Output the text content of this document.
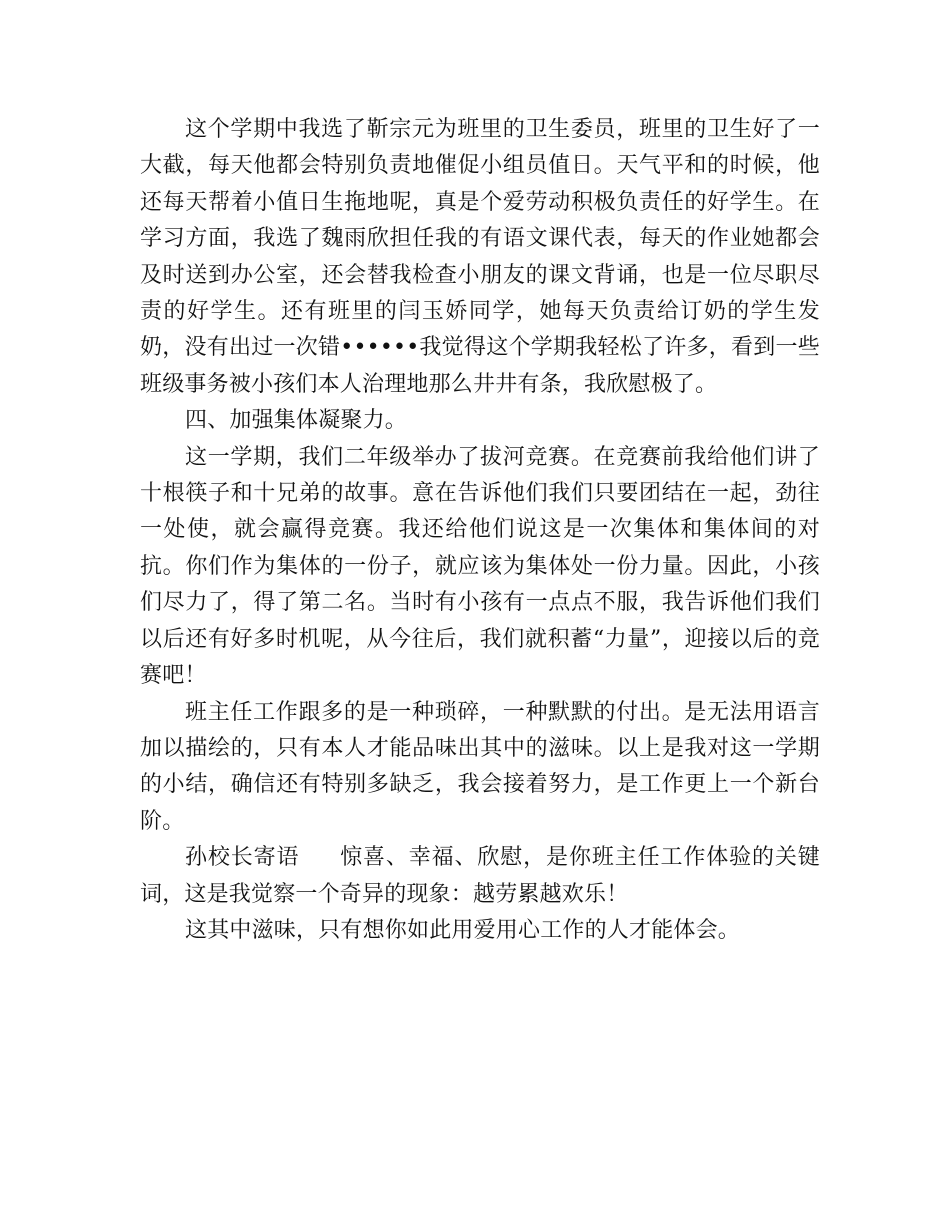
这个学期中我选了靳宗元为班里的卫生委员，班里的卫生好了一大截，每天他都会特别负责地催促小组员值日。天气平和的时候，他还每天帮着小值日生拖地呢，真是个爱劳动积极负责任的好学生。在学习方面，我选了魏雨欣担任我的有语文课代表，每天的作业她都会及时送到办公室，还会替我检查小朋友的课文背诵，也是一位尽职尽责的好学生。还有班里的闫玉娇同学，她每天负责给订奶的学生发奶，没有出过一次错••••••我觉得这个学期我轻松了许多，看到一些班级事务被小孩们本人治理地那么井井有条，我欣慰极了。

四、加强集体凝聚力。

这一学期，我们二年级举办了拔河竞赛。在竞赛前我给他们讲了十根筷子和十兄弟的故事。意在告诉他们我们只要团结在一起，劲往一处使，就会赢得竞赛。我还给他们说这是一次集体和集体间的对抗。你们作为集体的一份子，就应该为集体处一份力量。因此，小孩们尽力了，得了第二名。当时有小孩有一点点不服，我告诉他们我们以后还有好多时机呢，从今往后，我们就积蓄“力量”，迎接以后的竞赛吧！

班主任工作跟多的是一种琐碎，一种默默的付出。是无法用语言加以描绘的，只有本人才能品味出其中的滋味。以上是我对这一学期的小结，确信还有特别多缺乏，我会接着努力，是工作更上一个新台阶。

孙校长寄语 惊喜、幸福、欣慰，是你班主任工作体验的关键词，这是我觉察一个奇异的现象：越劳累越欢乐！

这其中滋味，只有想你如此用爱用心工作的人才能体会。
